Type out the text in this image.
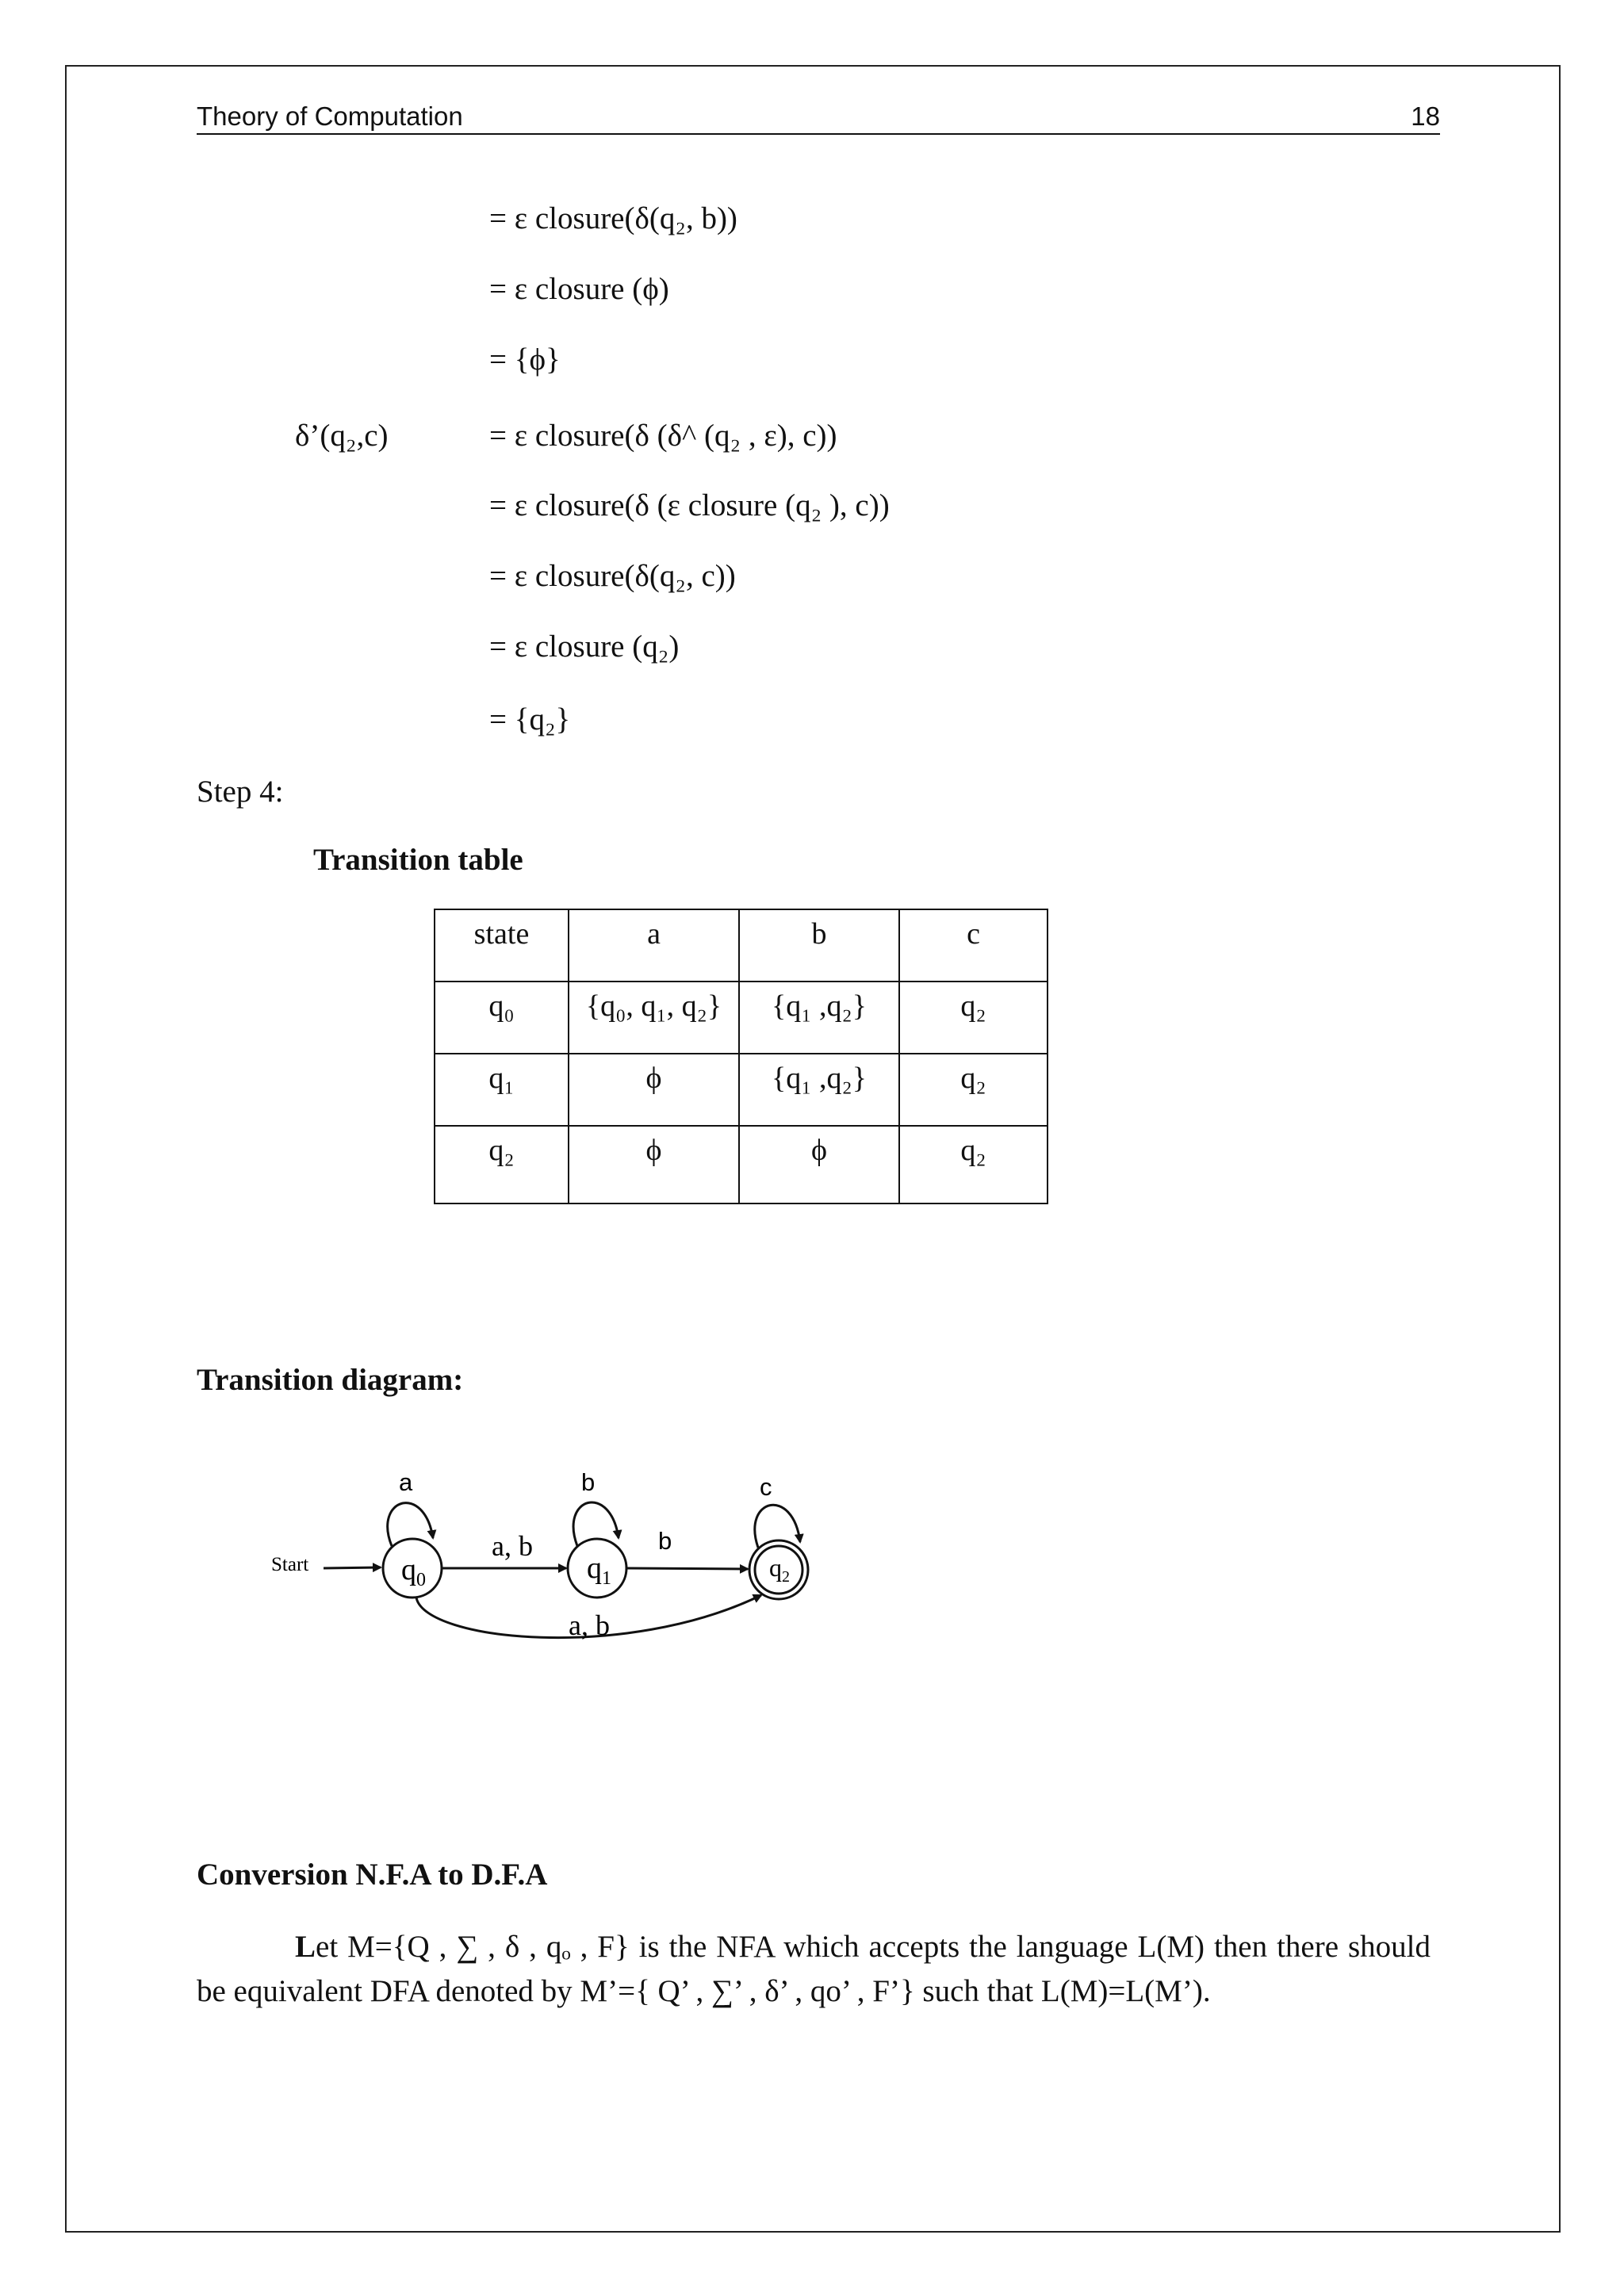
Theory of Computation	18
= ε closure(δ(q₂, b))
= ε closure (ϕ)
= {ϕ}
δ’(q₂,c)	= ε closure(δ (δ^ (q₂ , ε), c))
= ε closure(δ (ε closure (q₂ ), c))
= ε closure(δ(q₂, c))
= ε closure (q₂)
= {q₂}
Step 4:
Transition table
state	a	b	c
q₀	{q₀, q₁, q₂}	{q₁ ,q₂}	q₂
q₁	ϕ	{q₁ ,q₂}	q₂
q₂	ϕ	ϕ	q₂
Transition diagram:
Start	$q_0$	$q_1$	$q_2$
a	b	c
a, b	b
a, b
Conversion N.F.A to D.F.A
Let M={Q , ∑ , δ , qₒ , F} is the NFA which accepts the language L(M) then there should be equivalent DFA denoted by M’={ Q’ , ∑’ , δ’ , qo’ , F’} such that L(M)=L(M’).
